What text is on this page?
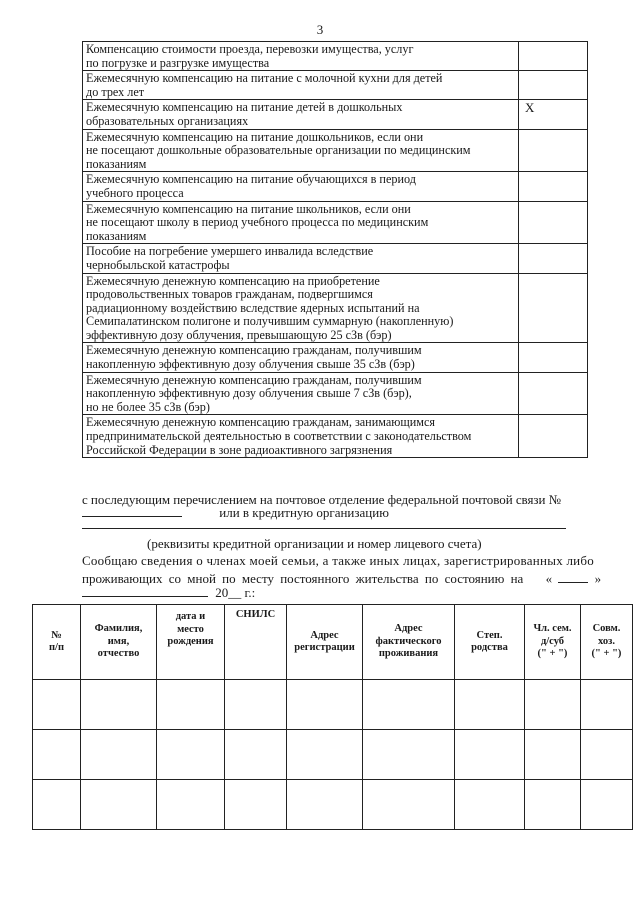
3
Компенсацию стоимости проезда, перевозки имущества, услуг
по погрузке и разгрузке имущества	
Ежемесячную компенсацию на питание с молочной кухни для детей
до трех лет	
Ежемесячную компенсацию на питание детей в дошкольных
образовательных организациях	X
Ежемесячную компенсацию на питание дошкольников, если они
не посещают дошкольные образовательные организации по медицинским
показаниям	
Ежемесячную компенсацию на питание обучающихся в период
учебного процесса	
Ежемесячную компенсацию на питание школьников, если они
не посещают школу в период учебного процесса по медицинским
показаниям	
Пособие на погребение умершего инвалида вследствие
чернобыльской катастрофы	
Ежемесячную денежную компенсацию на приобретение
продовольственных товаров гражданам, подвергшимся
радиационному воздействию вследствие ядерных испытаний на
Семипалатинском полигоне и получившим суммарную (накопленную)
эффективную дозу облучения, превышающую 25 сЗв (бэр)	
Ежемесячную денежную компенсацию гражданам, получившим
накопленную эффективную дозу облучения свыше 35 сЗв (бэр)	
Ежемесячную денежную компенсацию гражданам, получившим
накопленную эффективную дозу облучения свыше 7 сЗв (бэр),
но не более 35 сЗв (бэр)	
Ежемесячную денежную компенсацию гражданам, занимающимся
предпринимательской деятельностью в соответствии с законодательством
Российской Федерации в зоне радиоактивного загрязнения	
с последующим перечислением на почтовое отделение федеральной почтовой связи №
или в кредитную организацию
(реквизиты кредитной организации и номер лицевого счета)
Сообщаю сведения о членах моей семьи, а также иных лицах, зарегистрированных либо
проживающих со мной по месту постоянного жительства по состоянию на «	»
20__ г.:
№
п/п	Фамилия,
имя,
отчество	дата и
место
рождения	СНИЛС	Адрес
регистрации	Адрес
фактического
проживания	Степ.
родства	Чл. сем.
д/суб
(" + ")	Совм.
хоз.
(" + ")
